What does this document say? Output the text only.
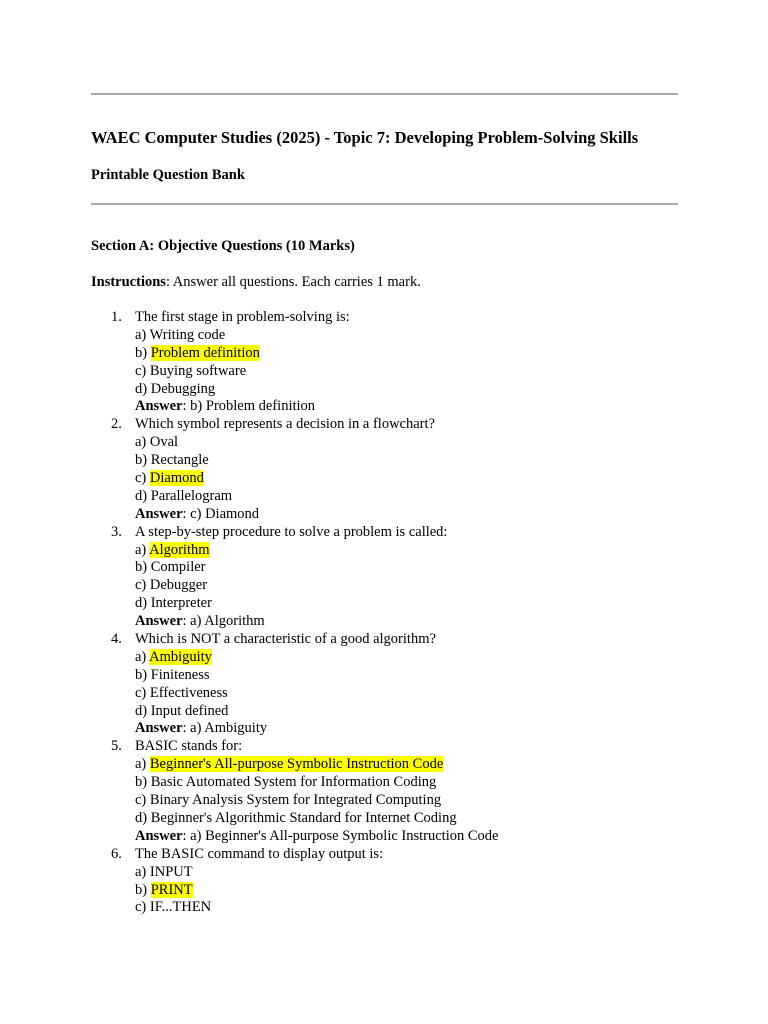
WAEC Computer Studies (2025) - Topic 7: Developing Problem-Solving Skills
Printable Question Bank
Section A: Objective Questions (10 Marks)
Instructions: Answer all questions. Each carries 1 mark.
1. The first stage in problem-solving is:
a) Writing code
b) Problem definition
c) Buying software
d) Debugging
Answer: b) Problem definition
2. Which symbol represents a decision in a flowchart?
a) Oval
b) Rectangle
c) Diamond
d) Parallelogram
Answer: c) Diamond
3. A step-by-step procedure to solve a problem is called:
a) Algorithm
b) Compiler
c) Debugger
d) Interpreter
Answer: a) Algorithm
4. Which is NOT a characteristic of a good algorithm?
a) Ambiguity
b) Finiteness
c) Effectiveness
d) Input defined
Answer: a) Ambiguity
5. BASIC stands for:
a) Beginner's All-purpose Symbolic Instruction Code
b) Basic Automated System for Information Coding
c) Binary Analysis System for Integrated Computing
d) Beginner's Algorithmic Standard for Internet Coding
Answer: a) Beginner's All-purpose Symbolic Instruction Code
6. The BASIC command to display output is:
a) INPUT
b) PRINT
c) IF...THEN
